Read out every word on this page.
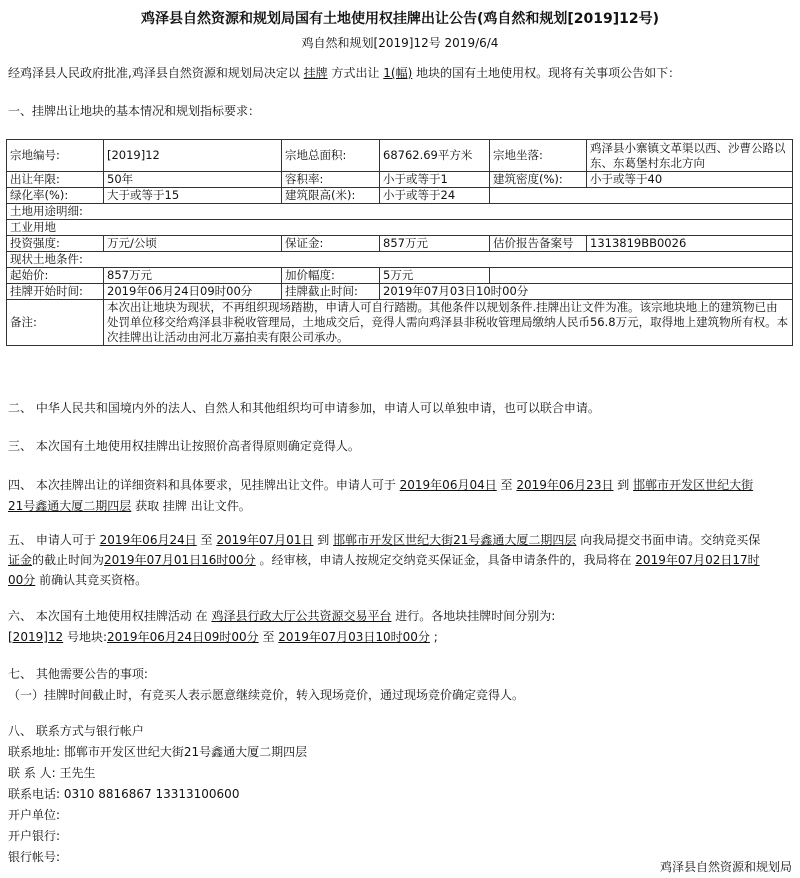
鸡泽县自然资源和规划局国有土地使用权挂牌出让公告(鸡自然和规划[2019]12号)
鸡自然和规划[2019]12号 2019/6/4
经鸡泽县人民政府批准,鸡泽县自然资源和规划局决定以 挂牌 方式出让 1(幅) 地块的国有土地使用权。现将有关事项公告如下：
一、挂牌出让地块的基本情况和规划指标要求：
宗地编号:	[2019]12	宗地总面积:	68762.69平方米	宗地坐落:	鸡泽县小寨镇文革渠以西、沙曹公路以东、东葛堡村东北方向
出让年限:	50年	容积率:	小于或等于1	建筑密度(%):	小于或等于40
绿化率(%):	大于或等于15	建筑限高(米):	小于或等于24		
土地用途明细:					
工业用地					
投资强度:	万元/公顷	保证金:	857万元	估价报告备案号	1313819BB0026
现状土地条件:					
起始价:	857万元	加价幅度:	5万元		
挂牌开始时间:	2019年06月24日09时00分	挂牌截止时间:	2019年07月03日10时00分		
备注:	本次出让地块为现状，不再组织现场踏勘，申请人可自行踏勘。其他条件以规划条件.挂牌出让文件为准。该宗地块地上的建筑物已由处罚单位移交给鸡泽县非税收管理局，土地成交后，竞得人需向鸡泽县非税收管理局缴纳人民币56.8万元，取得地上建筑物所有权。本次挂牌出让活动由河北万嘉拍卖有限公司承办。				
二、 中华人民共和国境内外的法人、自然人和其他组织均可申请参加，申请人可以单独申请，也可以联合申请。
三、 本次国有土地使用权挂牌出让按照价高者得原则确定竞得人。
四、 本次挂牌出让的详细资料和具体要求，见挂牌出让文件。申请人可于 2019年06月04日 至 2019年06月23日 到 邯郸市开发区世纪大街
21号鑫通大厦二期四层 获取 挂牌 出让文件。
五、 申请人可于 2019年06月24日 至 2019年07月01日 到 邯郸市开发区世纪大街21号鑫通大厦二期四层 向我局提交书面申请。交纳竞买保
证金的截止时间为2019年07月01日16时00分 。经审核，申请人按规定交纳竞买保证金，具备申请条件的，我局将在 2019年07月02日17时
00分 前确认其竞买资格。
六、 本次国有土地使用权挂牌活动 在 鸡泽县行政大厅公共资源交易平台 进行。各地块挂牌时间分别为:
[2019]12 号地块:2019年06月24日09时00分 至 2019年07月03日10时00分 ;
七、 其他需要公告的事项:
（一）挂牌时间截止时，有竞买人表示愿意继续竞价，转入现场竞价，通过现场竞价确定竞得人。
八、 联系方式与银行帐户
联系地址: 邯郸市开发区世纪大街21号鑫通大厦二期四层
联 系 人: 王先生
联系电话: 0310 8816867 13313100600
开户单位:
开户银行:
银行帐号:
鸡泽县自然资源和规划局
